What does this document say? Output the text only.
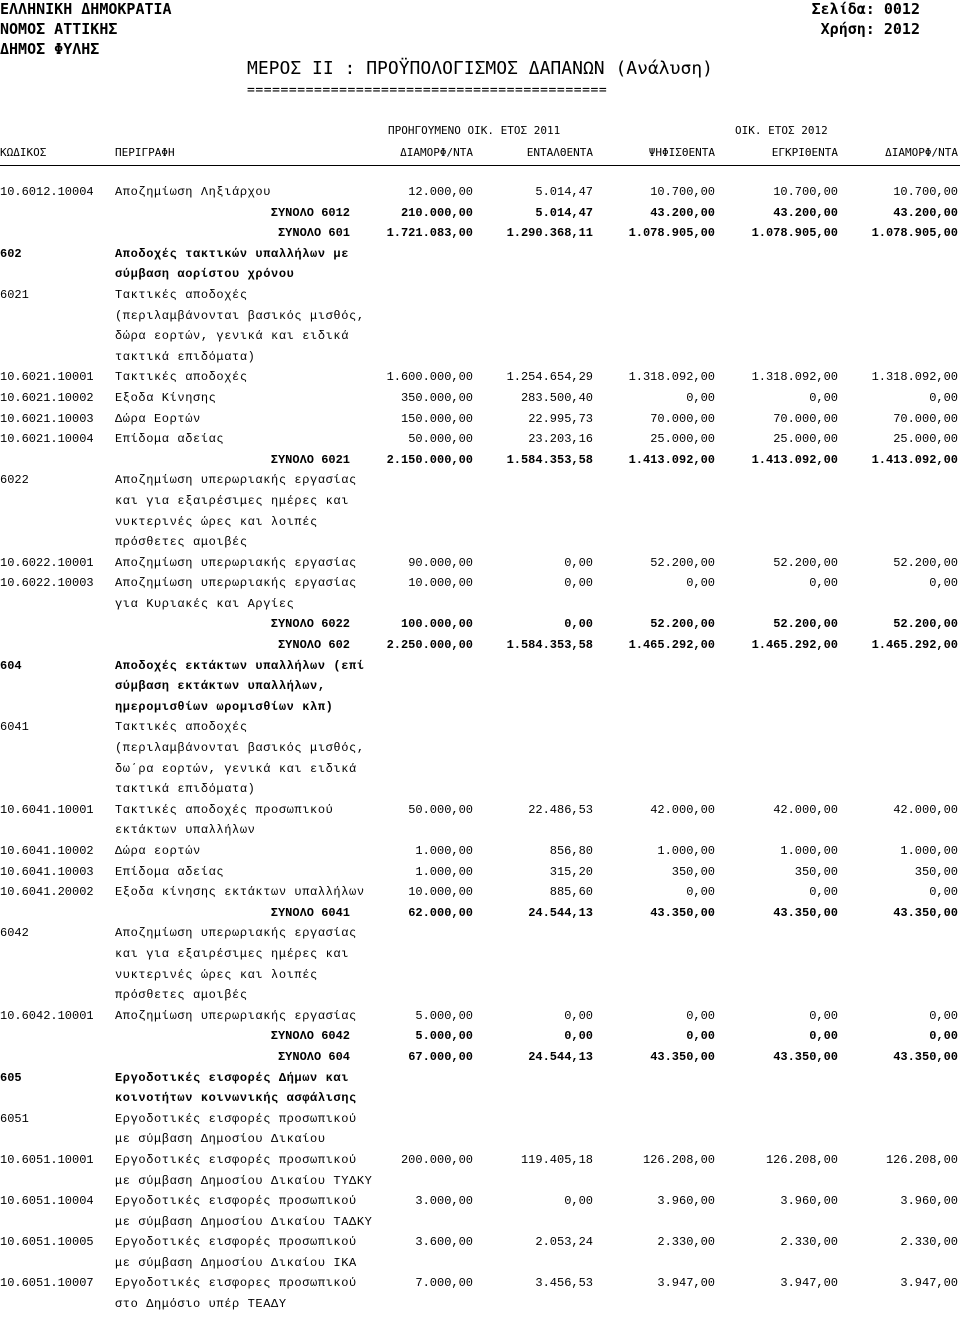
ΕΛΛΗΝΙΚΗ ΔΗΜΟΚΡΑΤΙΑ
ΝΟΜΟΣ ΑΤΤΙΚΗΣ
ΔΗΜΟΣ ΦΥΛΗΣ
Σελίδα: 0012
Χρήση: 2012
ΜΕΡΟΣ ΙΙ : ΠΡΟΫΠΟΛΟΓΙΣΜΟΣ ΔΑΠΑΝΩΝ (Ανάλυση)
===========================================
ΠΡΟΗΓΟΥΜΕΝΟ ΟΙΚ. ΕΤΟΣ 2011	ΟΙΚ. ΕΤΟΣ 2012
ΚΩΔΙΚΟΣ	ΠΕΡΙΓΡΑΦΗ	ΔΙΑΜΟΡΦ/ΝΤΑ	ΕΝΤΑΛΘΕΝΤΑ	ΨΗΦΙΣΘΕΝΤΑ	ΕΓΚΡΙΘΕΝΤΑ	ΔΙΑΜΟΡΦ/ΝΤΑ
10.6012.10004 Αποζημίωση Ληξιάρχου	12.000,00	5.014,47	10.700,00	10.700,00	10.700,00
ΣΥΝΟΛΟ 6012	210.000,00	5.014,47	43.200,00	43.200,00	43.200,00
ΣΥΝΟΛΟ 601	1.721.083,00	1.290.368,11	1.078.905,00	1.078.905,00	1.078.905,00
602	Αποδοχές τακτικών υπαλλήλων με
σύμβαση αορίστου χρόνου
6021	Τακτικές αποδοχές
(περιλαμβάνονται βασικός μισθός,
δώρα εορτών, γενικά και ειδικά
τακτικά επιδόματα)
10.6021.10001 Τακτικές αποδοχές	1.600.000,00	1.254.654,29	1.318.092,00	1.318.092,00	1.318.092,00
10.6021.10002 Εξοδα Κίνησης	350.000,00	283.500,40	0,00	0,00	0,00
10.6021.10003 Δώρα Εορτών	150.000,00	22.995,73	70.000,00	70.000,00	70.000,00
10.6021.10004 Επίδομα αδείας	50.000,00	23.203,16	25.000,00	25.000,00	25.000,00
ΣΥΝΟΛΟ 6021	2.150.000,00	1.584.353,58	1.413.092,00	1.413.092,00	1.413.092,00
6022	Αποζημίωση υπερωριακής εργασίας
και για εξαιρέσιμες ημέρες και
νυκτερινές ώρες και λοιπές
πρόσθετες αμοιβές
10.6022.10001 Αποζημίωση υπερωριακής εργασίας	90.000,00	0,00	52.200,00	52.200,00	52.200,00
10.6022.10003 Αποζημίωση υπερωριακής εργασίας	10.000,00	0,00	0,00	0,00	0,00
για Κυριακές και Αργίες
ΣΥΝΟΛΟ 6022	100.000,00	0,00	52.200,00	52.200,00	52.200,00
ΣΥΝΟΛΟ 602	2.250.000,00	1.584.353,58	1.465.292,00	1.465.292,00	1.465.292,00
604	Αποδοχές εκτάκτων υπαλλήλων (επί
σύμβαση εκτάκτων υπαλλήλων,
ημερομισθίων ωρομισθίων κλπ)
6041	Τακτικές αποδοχές
(περιλαμβάνονται βασικός μισθός,
δω΄ρα εορτών, γενικά και ειδικά
τακτικά επιδόματα)
10.6041.10001 Τακτικές αποδοχές προσωπικού	50.000,00	22.486,53	42.000,00	42.000,00	42.000,00
εκτάκτων υπαλλήλων
10.6041.10002 Δώρα εορτών	1.000,00	856,80	1.000,00	1.000,00	1.000,00
10.6041.10003 Επίδομα αδείας	1.000,00	315,20	350,00	350,00	350,00
10.6041.20002 Εξοδα κίνησης εκτάκτων υπαλλήλων	10.000,00	885,60	0,00	0,00	0,00
ΣΥΝΟΛΟ 6041	62.000,00	24.544,13	43.350,00	43.350,00	43.350,00
6042	Αποζημίωση υπερωριακής εργασίας
και για εξαιρέσιμες ημέρες και
νυκτερινές ώρες και λοιπές
πρόσθετες αμοιβές
10.6042.10001 Αποζημίωση υπερωριακής εργασίας	5.000,00	0,00	0,00	0,00	0,00
ΣΥΝΟΛΟ 6042	5.000,00	0,00	0,00	0,00	0,00
ΣΥΝΟΛΟ 604	67.000,00	24.544,13	43.350,00	43.350,00	43.350,00
605	Εργοδοτικές εισφορές Δήμων και
κοινοτήτων κοινωνικής ασφάλισης
6051	Εργοδοτικές εισφορές προσωπικού
με σύμβαση Δημοσίου Δικαίου
10.6051.10001 Εργοδοτικές εισφορές προσωπικού	200.000,00	119.405,18	126.208,00	126.208,00	126.208,00
με σύμβαση Δημοσίου Δικαίου ΤΥΔΚΥ
10.6051.10004 Εργοδοτικές εισφορές προσωπικού	3.000,00	0,00	3.960,00	3.960,00	3.960,00
με σύμβαση Δημοσίου Δικαίου ΤΑΔΚΥ
10.6051.10005 Εργοδοτικές εισφορές προσωπικού	3.600,00	2.053,24	2.330,00	2.330,00	2.330,00
με σύμβαση Δημοσίου Δικαίου ΙΚΑ
10.6051.10007 Εργοδοτικές εισφορες προσωπικού	7.000,00	3.456,53	3.947,00	3.947,00	3.947,00
στο Δημόσιο υπέρ ΤΕΑΔΥ
